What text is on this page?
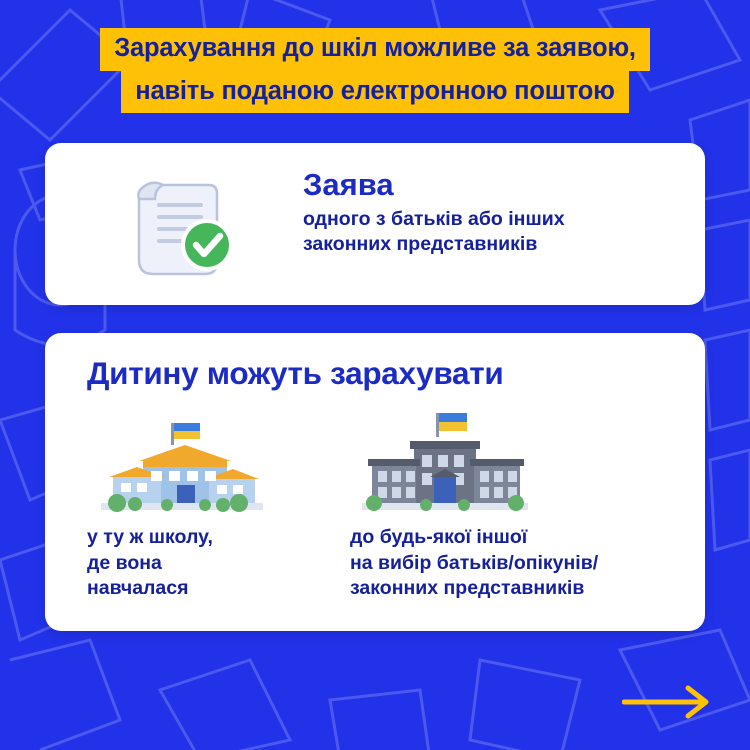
Зарахування до шкіл можливе за заявою,
навіть поданою електронною поштою

Заява

одного з батьків або інших

законних представників

Дитину можуть зарахувати
у ту ж школу,
де вона
навчалася
до будь-якої іншої
на вибір батьків/опікунів/
законних представників
